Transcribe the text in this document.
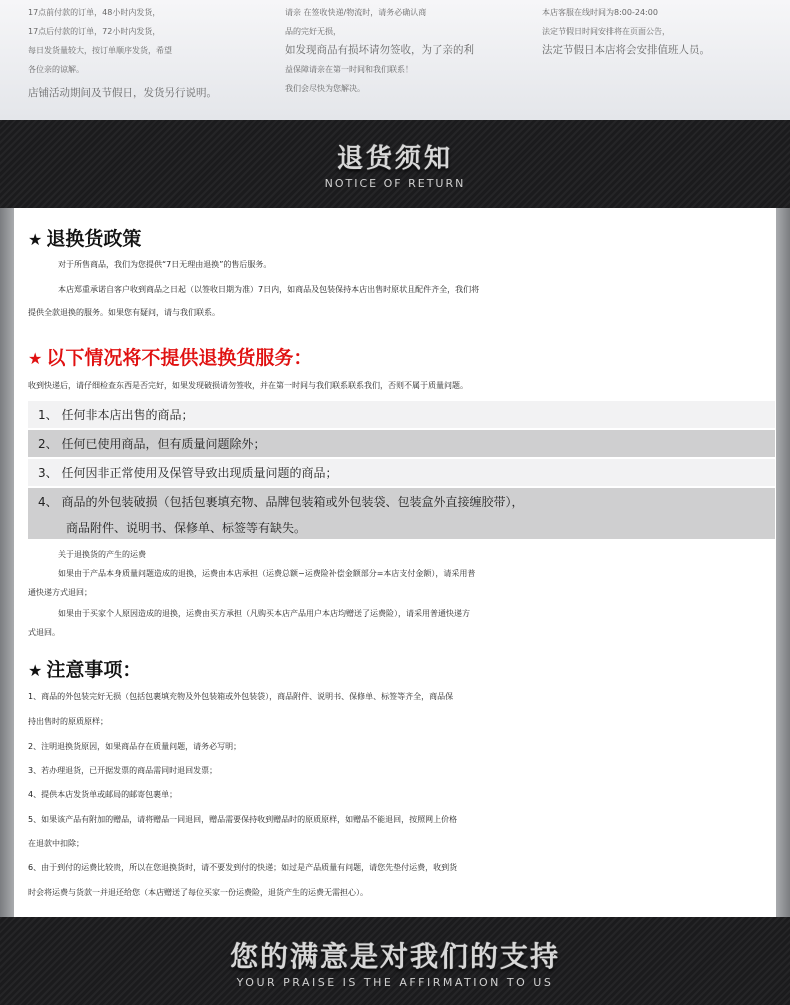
17点前付款的订单，48小时内发货，

17点后付款的订单，72小时内发货，

每日发货量较大，按订单顺序发货，希望

各位亲的谅解。

店铺活动期间及节假日，发货另行说明。

请亲 在签收快递/物流时，请务必确认商

品的完好无损，

如发现商品有损坏请勿签收，为了亲的利

益保障请亲在第一时间和我们联系！

我们会尽快为您解决。

本店客服在线时间为8:00-24:00

法定节假日时间安排将在页面公告，

法定节假日本店将会安排值班人员。

退货须知
NOTICE OF RETURN
★ 退换货政策

对于所售商品，我们为您提供“7日无理由退换”的售后服务。

本店郑重承诺自客户收到商品之日起（以签收日期为准）7日内，如商品及包装保持本店出售时原状且配件齐全，我们将

提供全款退换的服务。如果您有疑问，请与我们联系。

★ 以下情况将不提供退换货服务：

收到快递后，请仔细检查东西是否完好，如果发现破损请勿签收，并在第一时间与我们联系联系我们，否则不属于质量问题。

1、 任何非本店出售的商品；

2、 任何已使用商品，但有质量问题除外；

3、 任何因非正常使用及保管导致出现质量问题的商品；

4、 商品的外包装破损（包括包裹填充物、品牌包装箱或外包装袋、包装盒外直接缠胶带），

商品附件、说明书、保修单、标签等有缺失。

关于退换货的产生的运费

如果由于产品本身质量问题造成的退换，运费由本店承担（运费总额−运费险补偿金额部分=本店支付金额），请采用普

通快递方式退回；

如果由于买家个人原因造成的退换，运费由买方承担（凡购买本店产品用户本店均赠送了运费险），请采用普通快递方

式退回。

★ 注意事项：

1、商品的外包装完好无损（包括包裹填充物及外包装箱或外包装袋），商品附件、说明书、保修单、标签等齐全，商品保

持出售时的原质原样；

2、注明退换货原因，如果商品存在质量问题，请务必写明；

3、若办理退货，已开据发票的商品需同时退回发票；

4、提供本店发货单或邮局的邮寄包裹单；

5、如果该产品有附加的赠品，请将赠品一同退回，赠品需要保持收到赠品时的原质原样，如赠品不能退回，按照网上价格

在退款中扣除；

6、由于到付的运费比较贵，所以在您退换货时，请不要发到付的快递；如过是产品质量有问题，请您先垫付运费，收到货

时会将运费与货款一并退还给您（本店赠送了每位买家一份运费险，退货产生的运费无需担心）。

您的满意是对我们的支持
YOUR PRAISE IS THE AFFIRMATION TO US
